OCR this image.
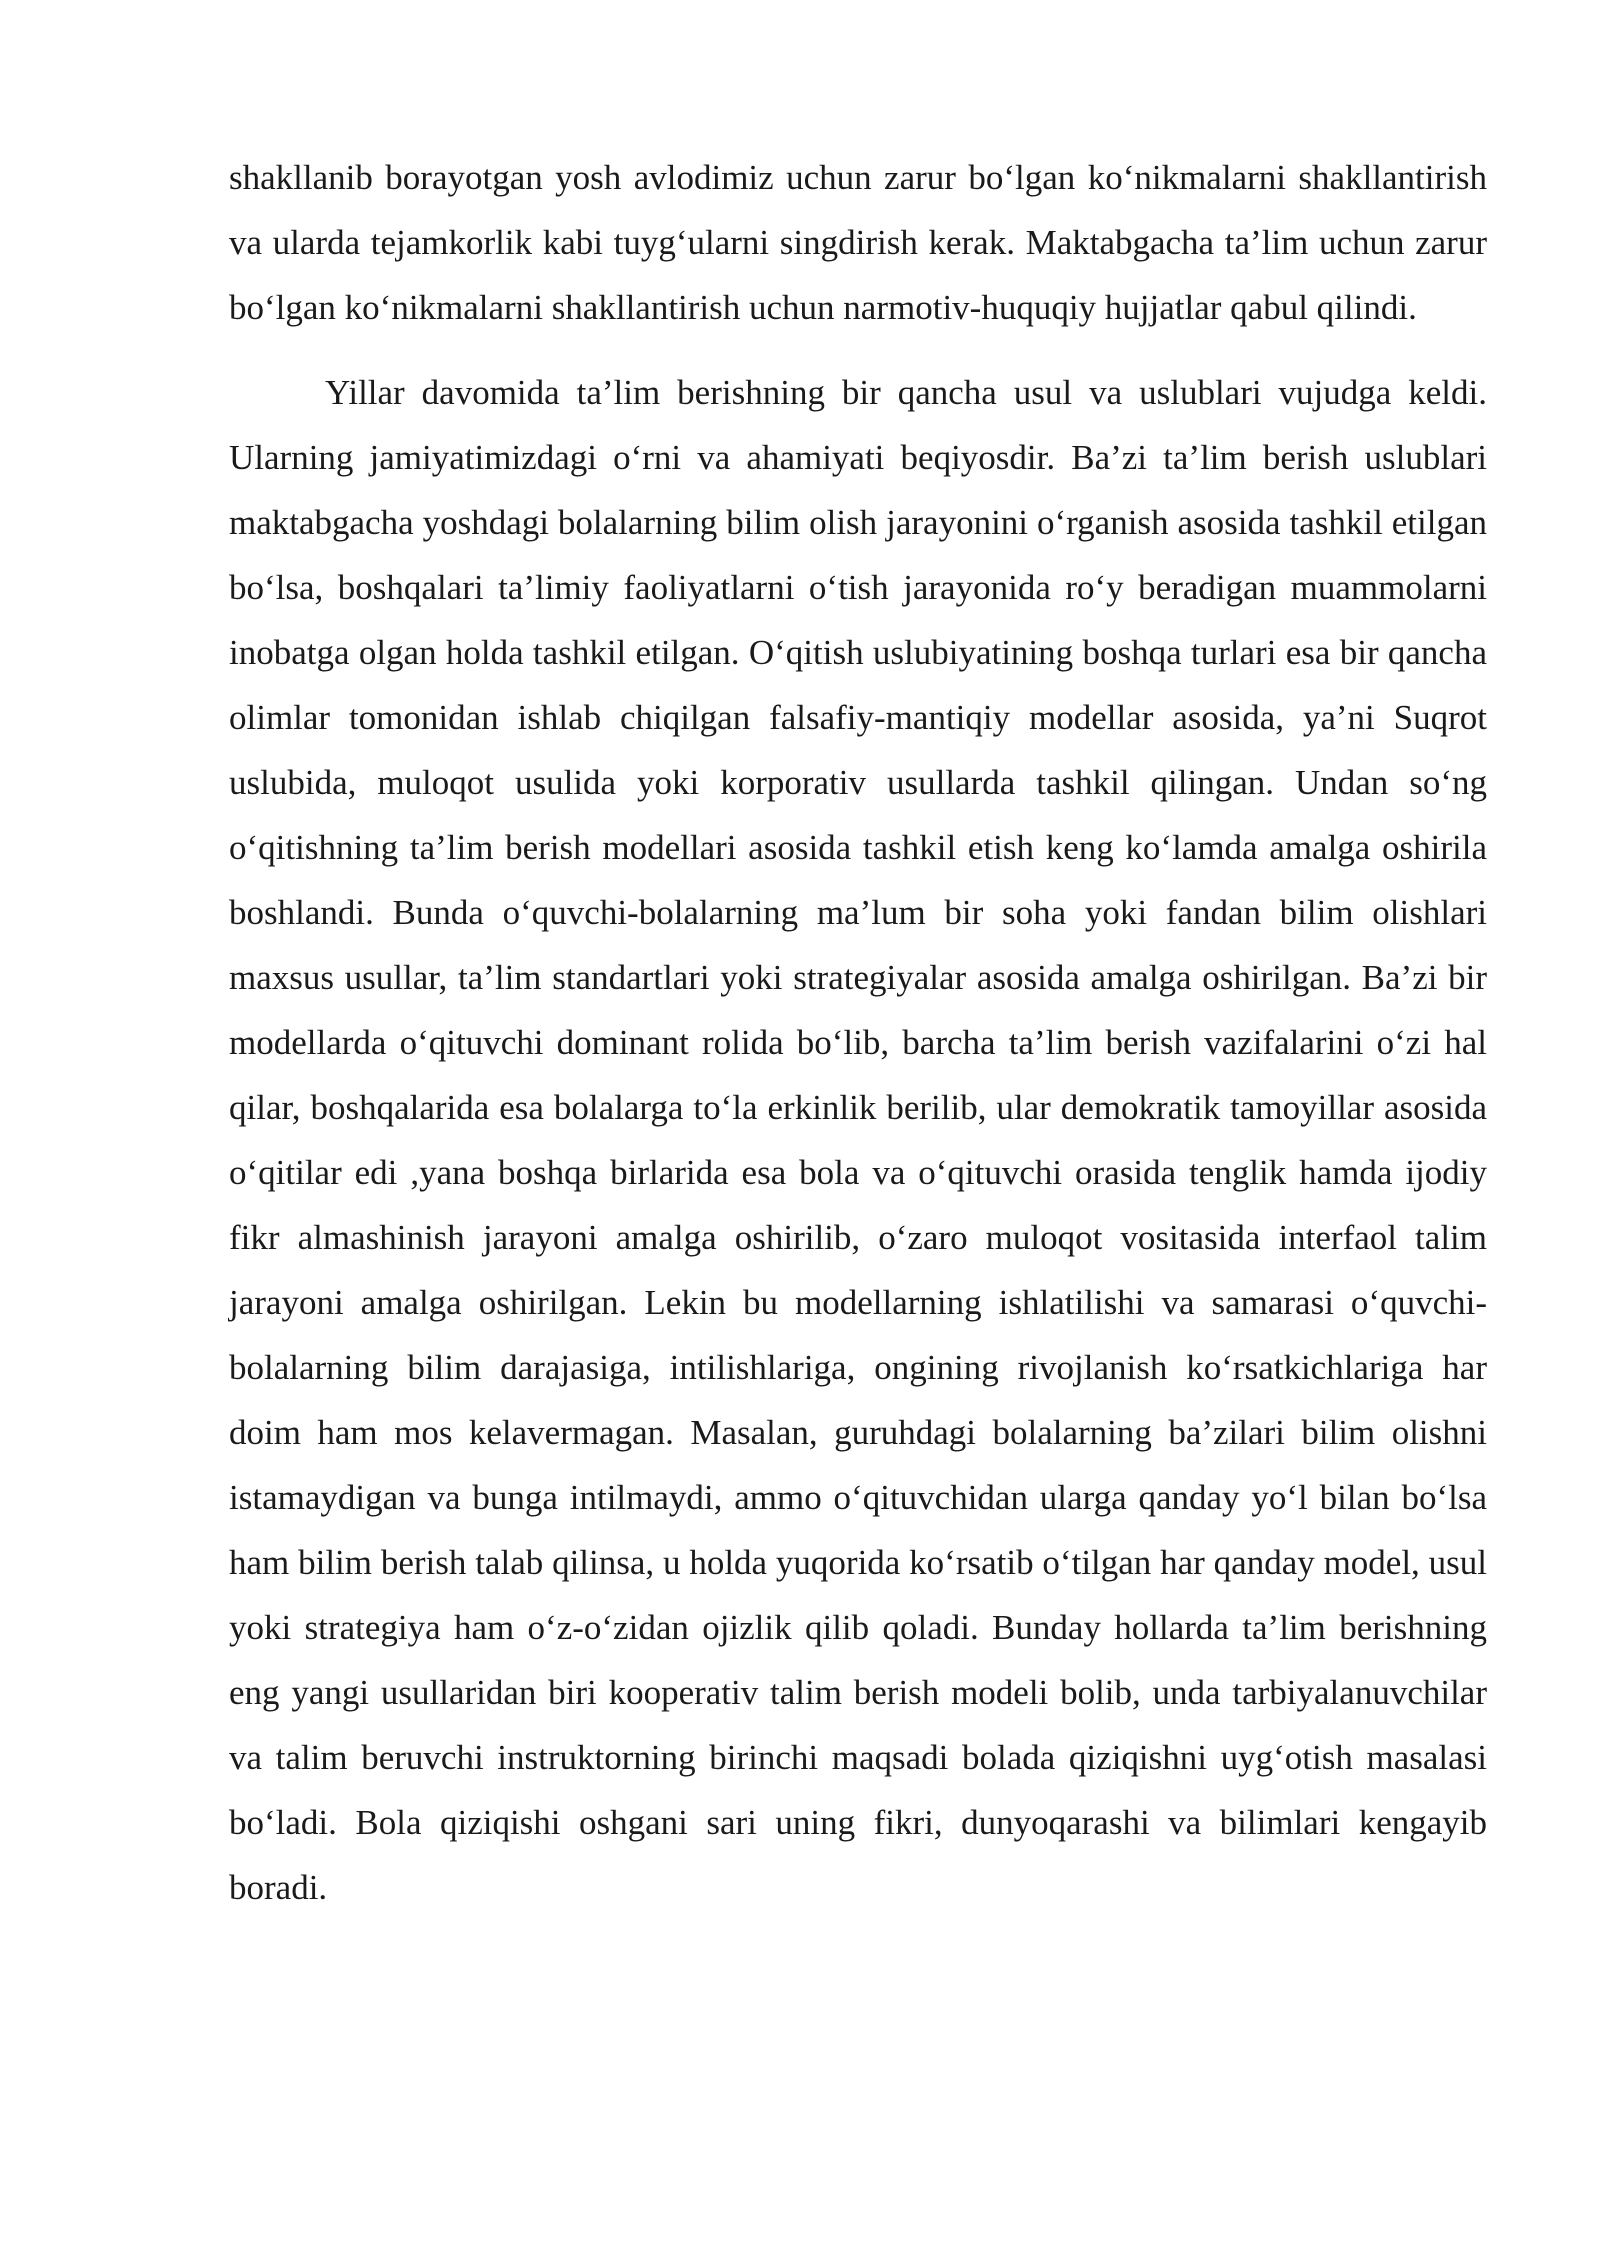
shakllanib borayotgan yosh avlodimiz uchun zarur bo‘lgan ko‘nikmalarni shakllantirish va ularda tejamkorlik kabi tuyg‘ularni singdirish kerak. Maktabgacha ta’lim uchun zarur bo‘lgan ko‘nikmalarni shakllantirish uchun narmotiv-huquqiy hujjatlar qabul qilindi.

Yillar davomida ta’lim berishning bir qancha usul va uslublari vujudga keldi. Ularning jamiyatimizdagi o‘rni va ahamiyati beqiyosdir. Ba’zi ta’lim berish uslublari maktabgacha yoshdagi bolalarning bilim olish jarayonini o‘rganish asosida tashkil etilgan bo‘lsa, boshqalari ta’limiy faoliyatlarni o‘tish jarayonida ro‘y beradigan muammolarni inobatga olgan holda tashkil etilgan. O‘qitish uslubiyatining boshqa turlari esa bir qancha olimlar tomonidan ishlab chiqilgan falsafiy-mantiqiy modellar asosida, ya’ni Suqrot uslubida, muloqot usulida yoki korporativ usullarda tashkil qilingan. Undan so‘ng o‘qitishning ta’lim berish modellari asosida tashkil etish keng ko‘lamda amalga oshirila boshlandi. Bunda o‘quvchi-bolalarning ma’lum bir soha yoki fandan bilim olishlari maxsus usullar, ta’lim standartlari yoki strategiyalar asosida amalga oshirilgan. Ba’zi bir modellarda o‘qituvchi dominant rolida bo‘lib, barcha ta’lim berish vazifalarini o‘zi hal qilar, boshqalarida esa bolalarga to‘la erkinlik berilib, ular demokratik tamoyillar asosida o‘qitilar edi ,yana boshqa birlarida esa bola va o‘qituvchi orasida tenglik hamda ijodiy fikr almashinish jarayoni amalga oshirilib, o‘zaro muloqot vositasida interfaol talim jarayoni amalga oshirilgan. Lekin bu modellarning ishlatilishi va samarasi o‘quvchi-bolalarning bilim darajasiga, intilishlariga, ongining rivojlanish ko‘rsatkichlariga har doim ham mos kelavermagan. Masalan, guruhdagi bolalarning ba’zilari bilim olishni istamaydigan va bunga intilmaydi, ammo o‘qituvchidan ularga qanday yo‘l bilan bo‘lsa ham bilim berish talab qilinsa, u holda yuqorida ko‘rsatib o‘tilgan har qanday model, usul yoki strategiya ham o‘z-o‘zidan ojizlik qilib qoladi. Bunday hollarda ta’lim berishning eng yangi usullaridan biri kooperativ talim berish modeli bolib, unda tarbiyalanuvchilar va talim beruvchi instruktorning birinchi maqsadi bolada qiziqishni uyg‘otish masalasi bo‘ladi. Bola qiziqishi oshgani sari uning fikri, dunyoqarashi va bilimlari kengayib boradi.
